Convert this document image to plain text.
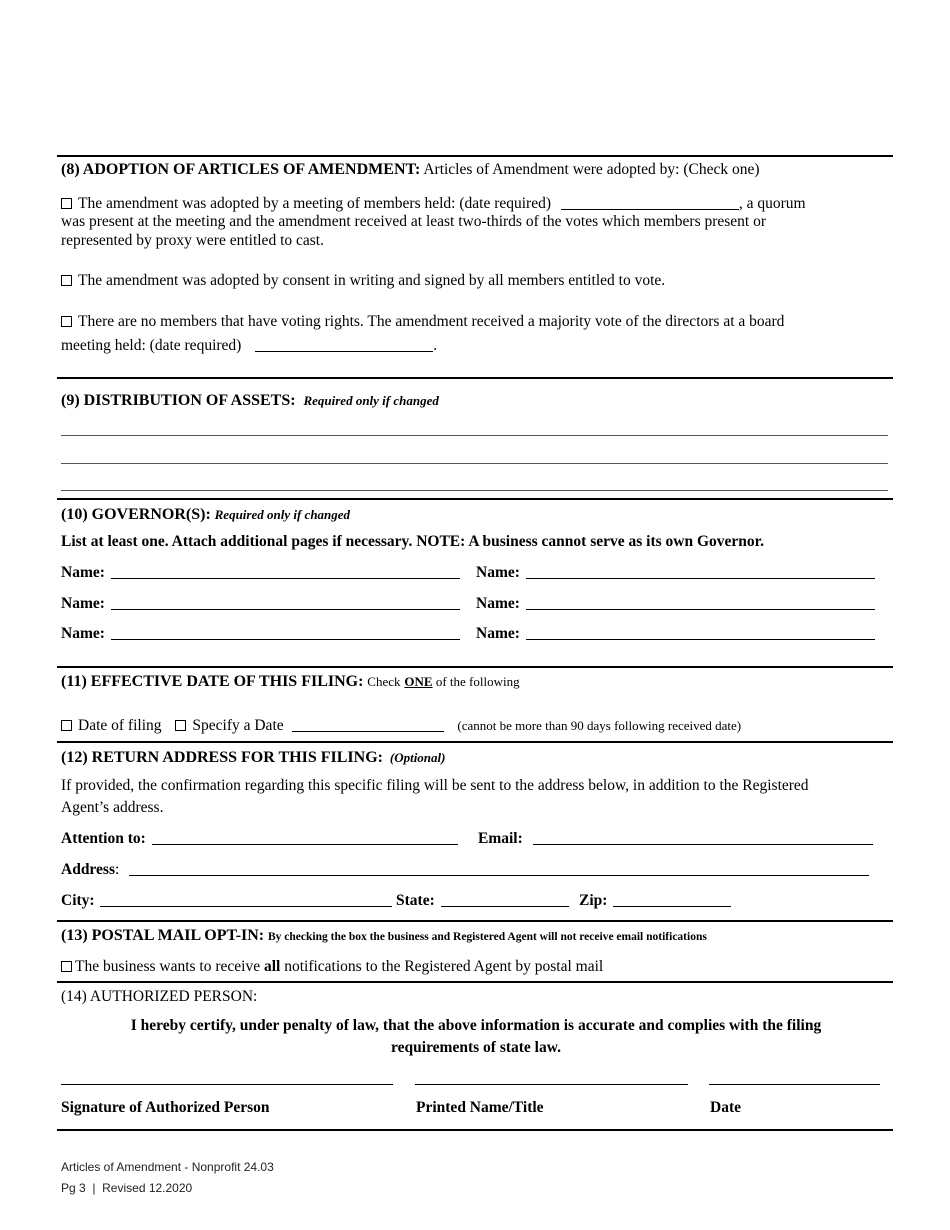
(8) ADOPTION OF ARTICLES OF AMENDMENT: Articles of Amendment were adopted by: (Check one)
The amendment was adopted by a meeting of members held: (date required)	, a quorum
was present at the meeting and the amendment received at least two-thirds of the votes which members present or
represented by proxy were entitled to cast.
The amendment was adopted by consent in writing and signed by all members entitled to vote.
There are no members that have voting rights. The amendment received a majority vote of the directors at a board
meeting held: (date required)	.
(9) DISTRIBUTION OF ASSETS: Required only if changed
(10) GOVERNOR(S): Required only if changed
List at least one. Attach additional pages if necessary. NOTE: A business cannot serve as its own Governor.
Name:	Name:
Name:	Name:
Name:	Name:
(11) EFFECTIVE DATE OF THIS FILING: Check ONE of the following
Date of filing Specify a Date	(cannot be more than 90 days following received date)
(12) RETURN ADDRESS FOR THIS FILING: (Optional)
If provided, the confirmation regarding this specific filing will be sent to the address below, in addition to the Registered
Agent’s address.
Attention to:	Email:
Address:
City:	State:	Zip:
(13) POSTAL MAIL OPT-IN: By checking the box the business and Registered Agent will not receive email notifications
The business wants to receive all notifications to the Registered Agent by postal mail
(14) AUTHORIZED PERSON:
I hereby certify, under penalty of law, that the above information is accurate and complies with the filing
requirements of state law.
Signature of Authorized Person	Printed Name/Title	Date
Articles of Amendment - Nonprofit 24.03
Pg 3  |  Revised 12.2020
